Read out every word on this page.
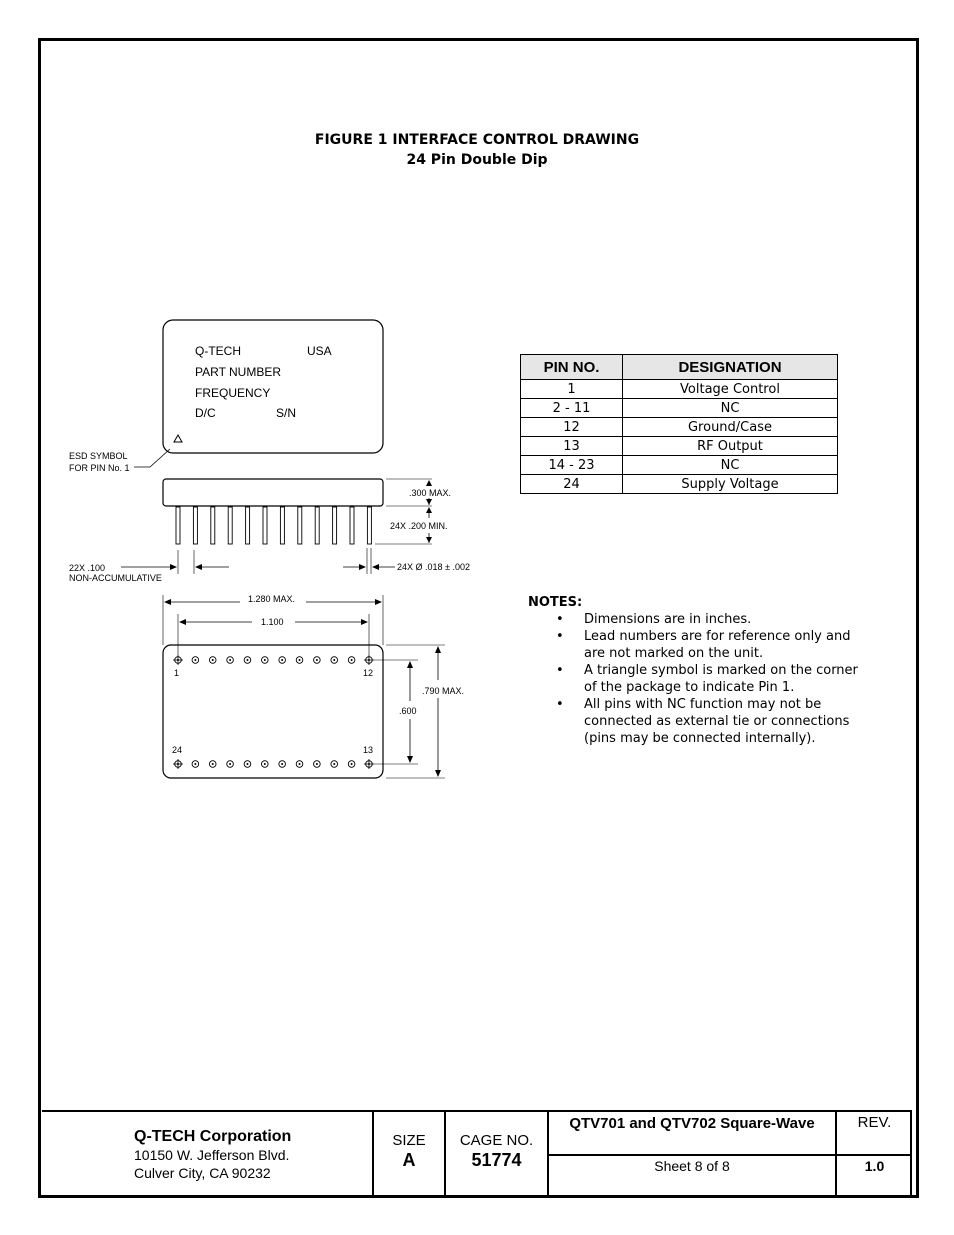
FIGURE 1 INTERFACE CONTROL DRAWING
24 Pin Double Dip
Q-TECH	USA
PART NUMBER
FREQUENCY
D/C	S/N
ESD SYMBOL
FOR PIN No. 1
.300 MAX.
24X .200 MIN.
22X .100
NON-ACCUMULATIVE
24X Ø .018 ± .002
1.280 MAX.
1.100
1	12
24	13
.790 MAX.
.600
PIN NO.	DESIGNATION
1	Voltage Control
2 - 11	NC
12	Ground/Case
13	RF Output
14 - 23	NC
24	Supply Voltage
NOTES:
• Dimensions are in inches.
• Lead numbers are for reference only and are not marked on the unit.
• A triangle symbol is marked on the corner of the package to indicate Pin 1.
• All pins with NC function may not be connected as external tie or connections (pins may be connected internally).
Q-TECH Corporation
10150 W. Jefferson Blvd.
Culver City, CA 90232
SIZE
A
CAGE NO.
51774
QTV701 and QTV702 Square-Wave
Sheet 8 of 8
REV.
1.0
